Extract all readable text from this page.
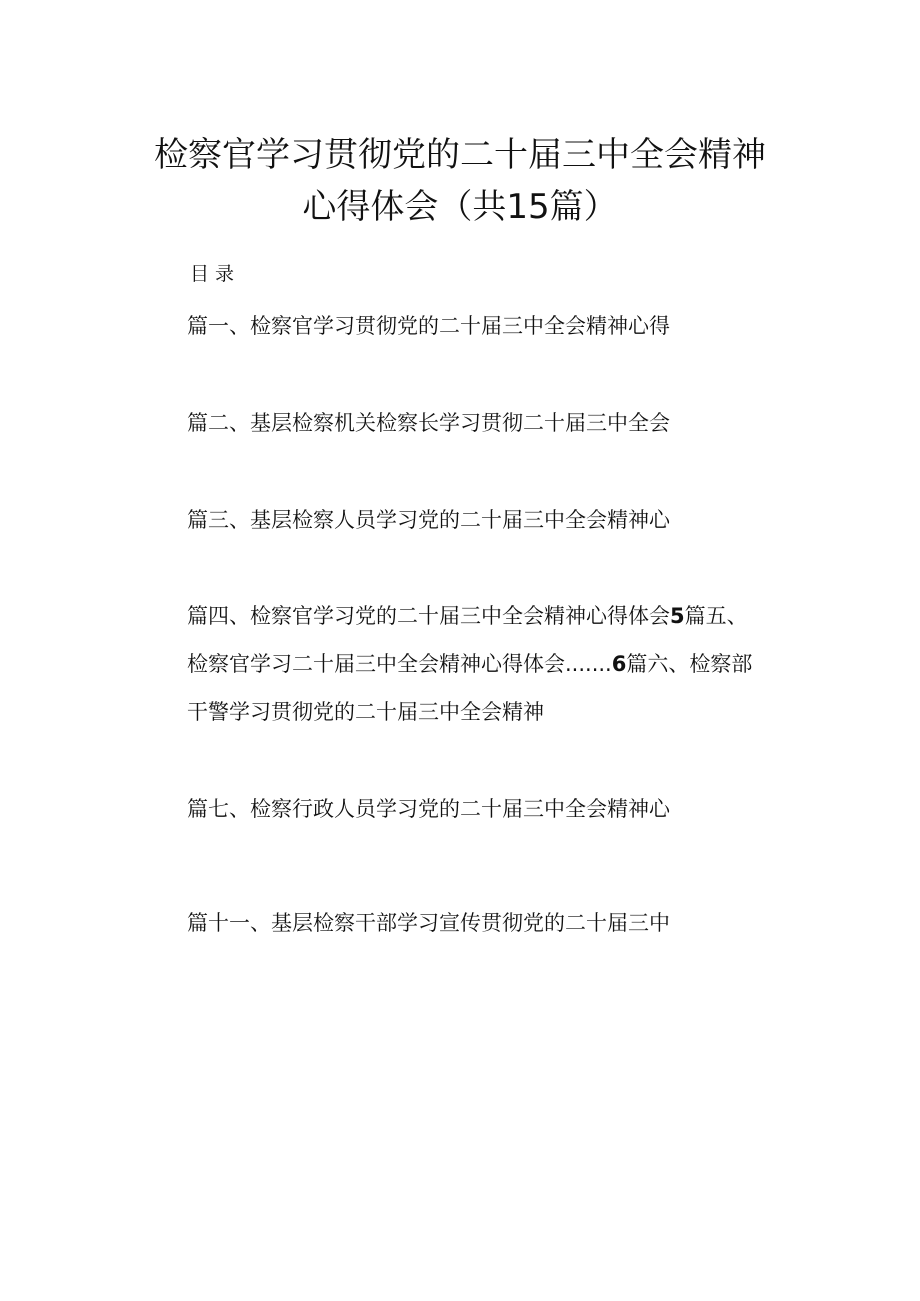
检察官学习贯彻党的二十届三中全会精神
心得体会（共15篇）
目录
篇一、检察官学习贯彻党的二十届三中全会精神心得
篇二、基层检察机关检察长学习贯彻二十届三中全会
篇三、基层检察人员学习党的二十届三中全会精神心
篇四、检察官学习党的二十届三中全会精神心得体会5篇五、
检察官学习二十届三中全会精神心得体会.......6篇六、检察部
干警学习贯彻党的二十届三中全会精神
篇七、检察行政人员学习党的二十届三中全会精神心
篇十一、基层检察干部学习宣传贯彻党的二十届三中
